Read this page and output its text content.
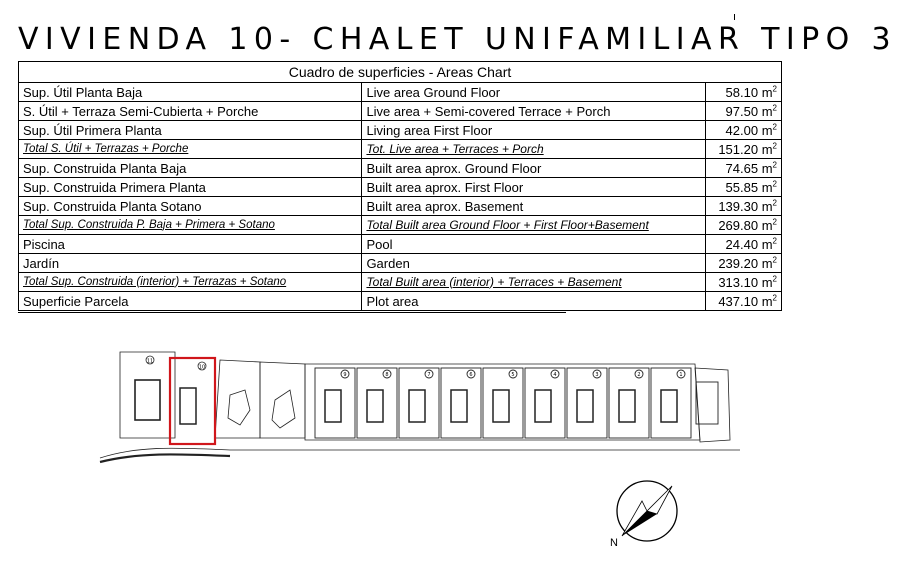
VIVIENDA 10- CHALET UNIFAMILIAR TIPO 3
Cuadro de superficies - Areas Chart		
Sup. Útil Planta Baja	Live area Ground Floor	58.10 $m^2$
S. Útil + Terraza Semi-Cubierta + Porche	Live area + Semi-covered Terrace + Porch	97.50 $m^2$
Sup. Útil Primera Planta	Living area First Floor	42.00 $m^2$
Total S. Útil + Terrazas + Porche	Tot. Live area + Terraces + Porch	151.20 $m^2$
Sup. Construida Planta Baja	Built area aprox. Ground Floor	74.65 $m^2$
Sup. Construida Primera Planta	Built area aprox. First Floor	55.85 $m^2$
Sup. Construida Planta Sotano	Built area aprox. Basement	139.30 $m^2$
Total Sup. Construida P. Baja + Primera + Sotano	Total Built area Ground Floor + First Floor+Basement	269.80 $m^2$
Piscina	Pool	24.40 $m^2$
Jardín	Garden	239.20 $m^2$
Total Sup. Construida (interior) + Terrazas + Sotano	Total Built area (interior) + Terraces + Basement	313.10 $m^2$
Superficie Parcela	Plot area	437.10 $m^2$
9	8	7	6	5	4	3	2	1
10
11
N
